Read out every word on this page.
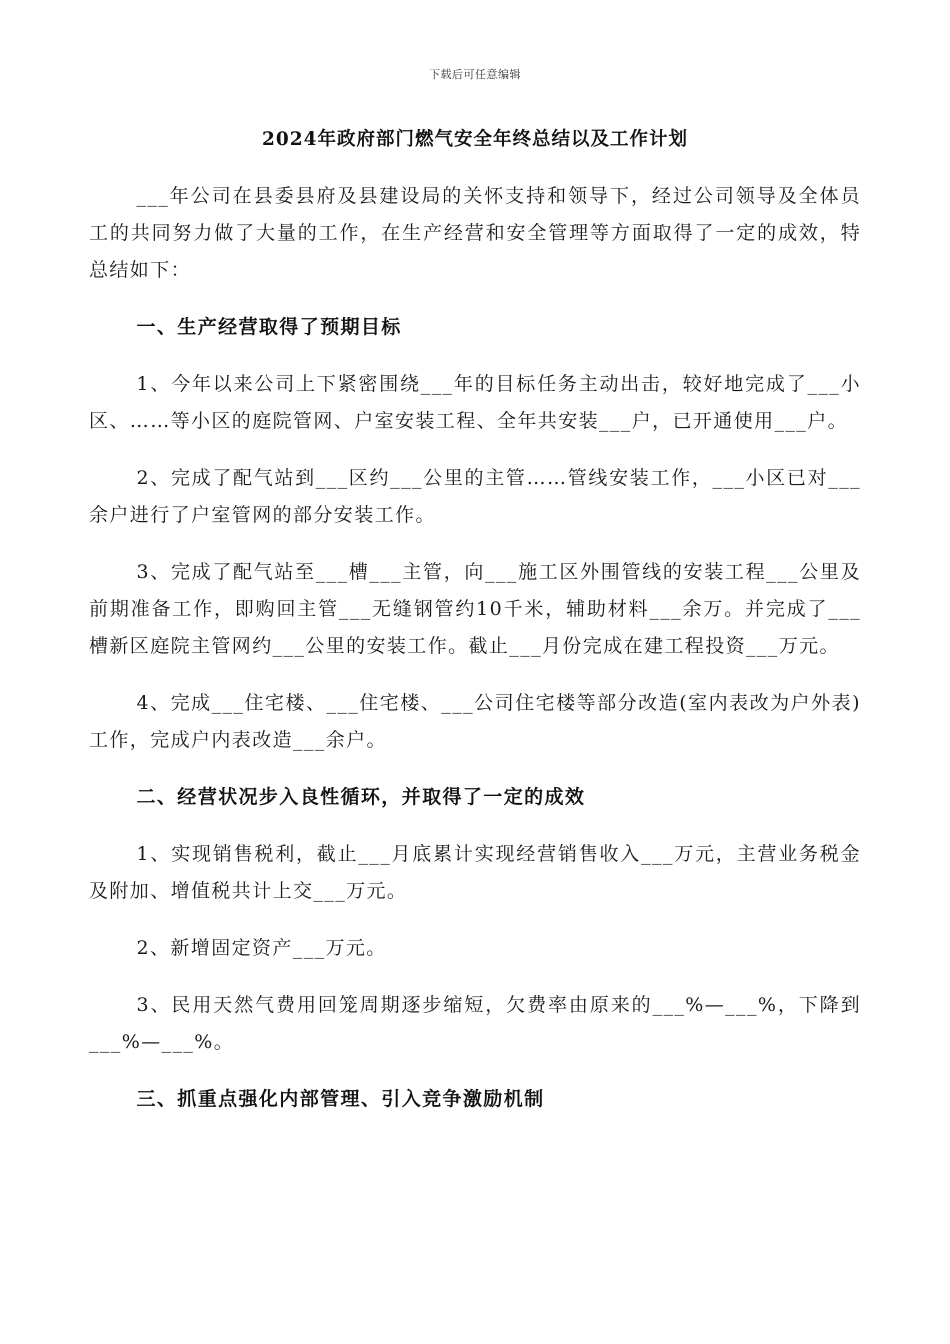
下载后可任意编辑
2024年政府部门燃气安全年终总结以及工作计划

___年公司在县委县府及县建设局的关怀支持和领导下，经过公司领导及全体员工的共同努力做了大量的工作，在生产经营和安全管理等方面取得了一定的成效，特总结如下：

一、生产经营取得了预期目标

1、今年以来公司上下紧密围绕___年的目标任务主动出击，较好地完成了___小区、……等小区的庭院管网、户室安装工程、全年共安装___户，已开通使用___户。

2、完成了配气站到___区约___公里的主管……管线安装工作，___小区已对___余户进行了户室管网的部分安装工作。

3、完成了配气站至___槽___主管，向___施工区外围管线的安装工程___公里及前期准备工作，即购回主管___无缝钢管约10千米，辅助材料___余万。并完成了___槽新区庭院主管网约___公里的安装工作。截止___月份完成在建工程投资___万元。

4、完成___住宅楼、___住宅楼、___公司住宅楼等部分改造(室内表改为户外表)工作，完成户内表改造___余户。

二、经营状况步入良性循环，并取得了一定的成效

1、实现销售税利，截止___月底累计实现经营销售收入___万元，主营业务税金及附加、增值税共计上交___万元。

2、新增固定资产___万元。

3、民用天然气费用回笼周期逐步缩短，欠费率由原来的___%—___%，下降到___%—___%。

三、抓重点强化内部管理、引入竞争激励机制
